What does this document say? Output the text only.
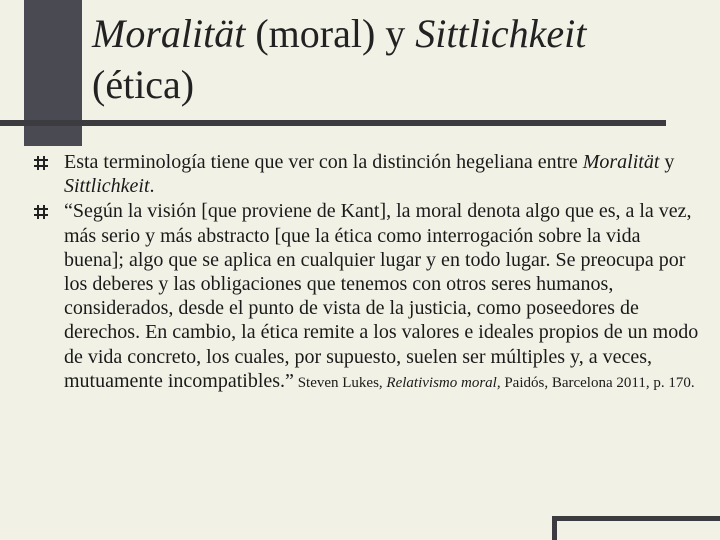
Moralität (moral) y Sittlichkeit (ética)
Esta terminología tiene que ver con la distinción hegeliana entre Moralität y Sittlichkeit.
“Según la visión [que proviene de Kant], la moral denota algo que es, a la vez, más serio y más abstracto [que la ética como interrogación sobre la vida buena]; algo que se aplica en cualquier lugar y en todo lugar. Se preocupa por los deberes y las obligaciones que tenemos con otros seres humanos, considerados, desde el punto de vista de la justicia, como poseedores de derechos. En cambio, la ética remite a los valores e ideales propios de un modo de vida concreto, los cuales, por supuesto, suelen ser múltiples y, a veces, mutuamente incompatibles.” Steven Lukes, Relativismo moral, Paidós, Barcelona 2011, p. 170.
